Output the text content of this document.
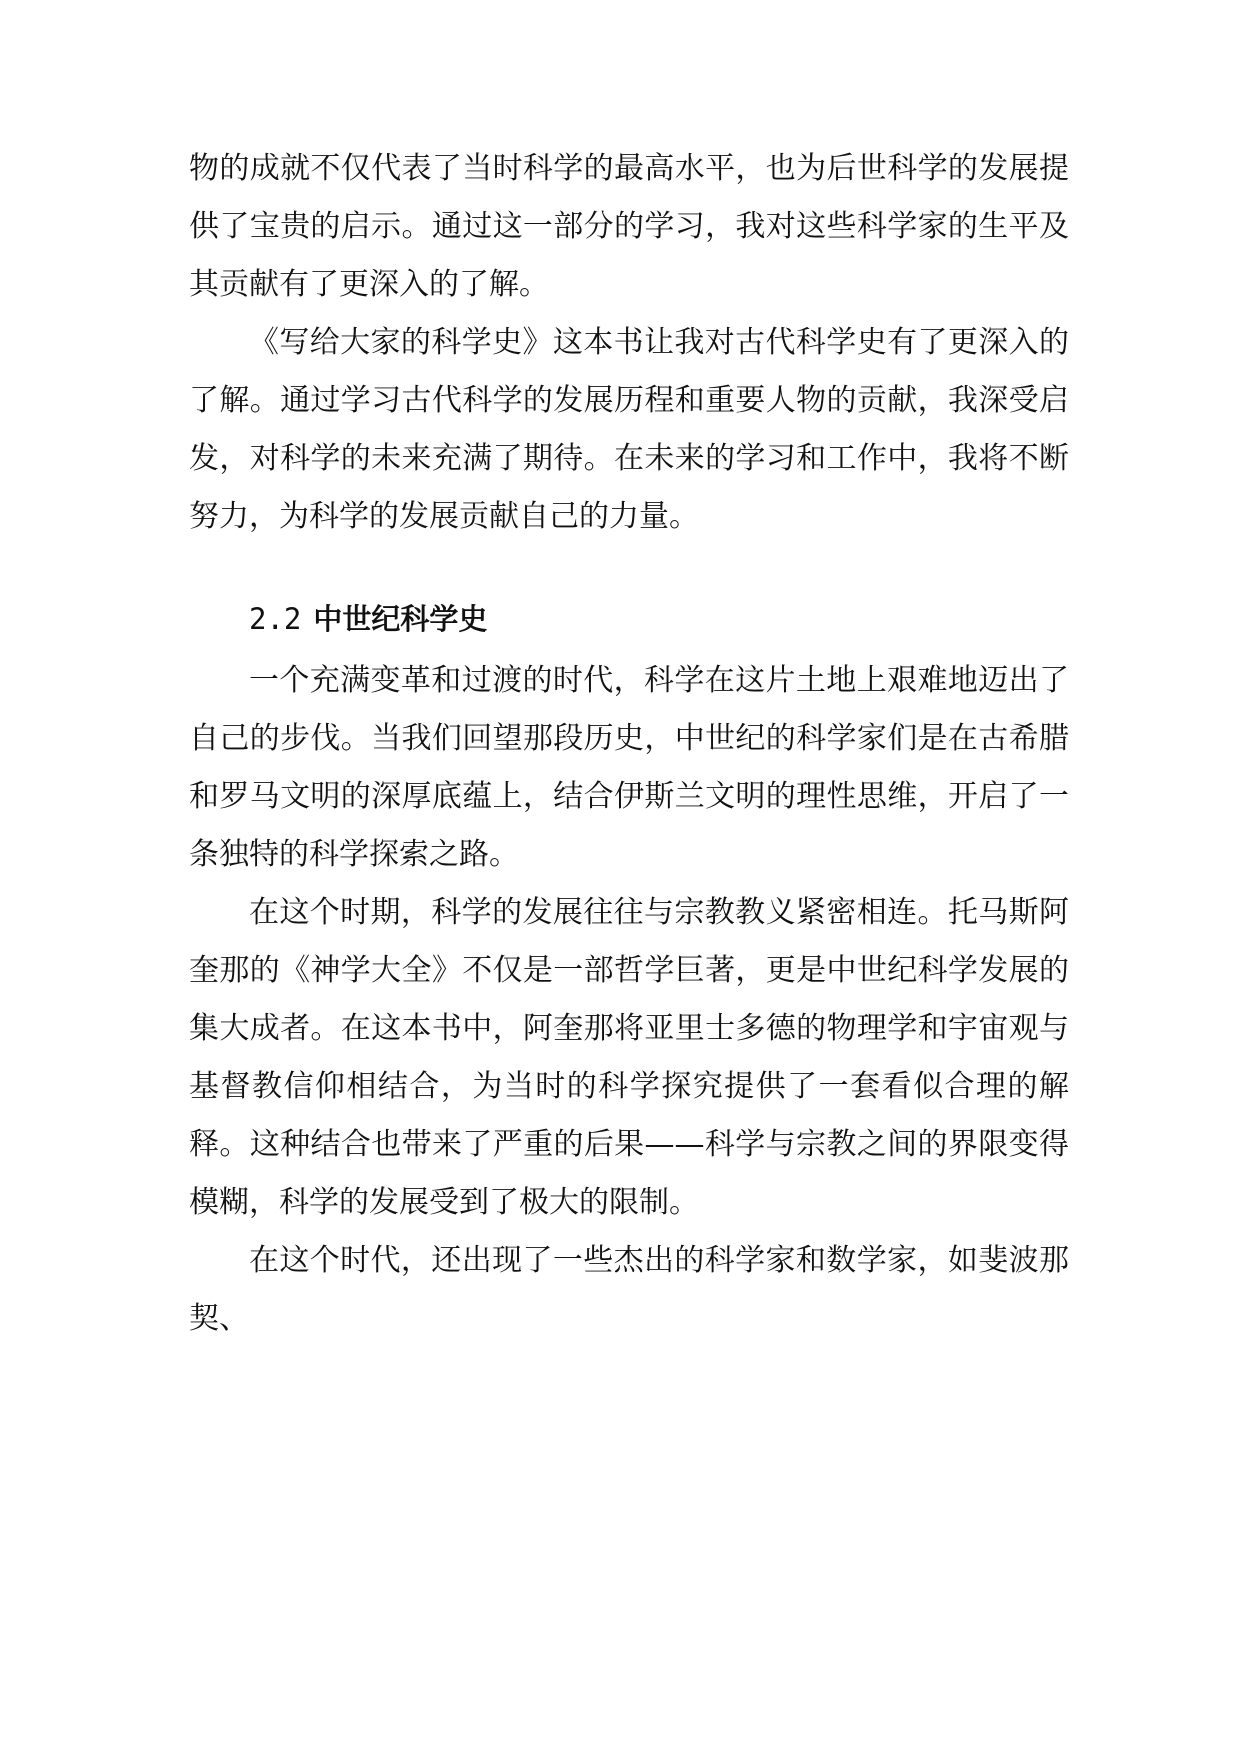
物的成就不仅代表了当时科学的最高水平，也为后世科学的发展提供了宝贵的启示。通过这一部分的学习，我对这些科学家的生平及其贡献有了更深入的了解。

《写给大家的科学史》这本书让我对古代科学史有了更深入的了解。通过学习古代科学的发展历程和重要人物的贡献，我深受启发，对科学的未来充满了期待。在未来的学习和工作中，我将不断努力，为科学的发展贡献自己的力量。

2.2 中世纪科学史

一个充满变革和过渡的时代，科学在这片土地上艰难地迈出了自己的步伐。当我们回望那段历史，中世纪的科学家们是在古希腊和罗马文明的深厚底蕴上，结合伊斯兰文明的理性思维，开启了一条独特的科学探索之路。

在这个时期，科学的发展往往与宗教教义紧密相连。托马斯阿奎那的《神学大全》不仅是一部哲学巨著，更是中世纪科学发展的集大成者。在这本书中，阿奎那将亚里士多德的物理学和宇宙观与基督教信仰相结合，为当时的科学探究提供了一套看似合理的解释。这种结合也带来了严重的后果——科学与宗教之间的界限变得模糊，科学的发展受到了极大的限制。

在这个时代，还出现了一些杰出的科学家和数学家，如斐波那契、
